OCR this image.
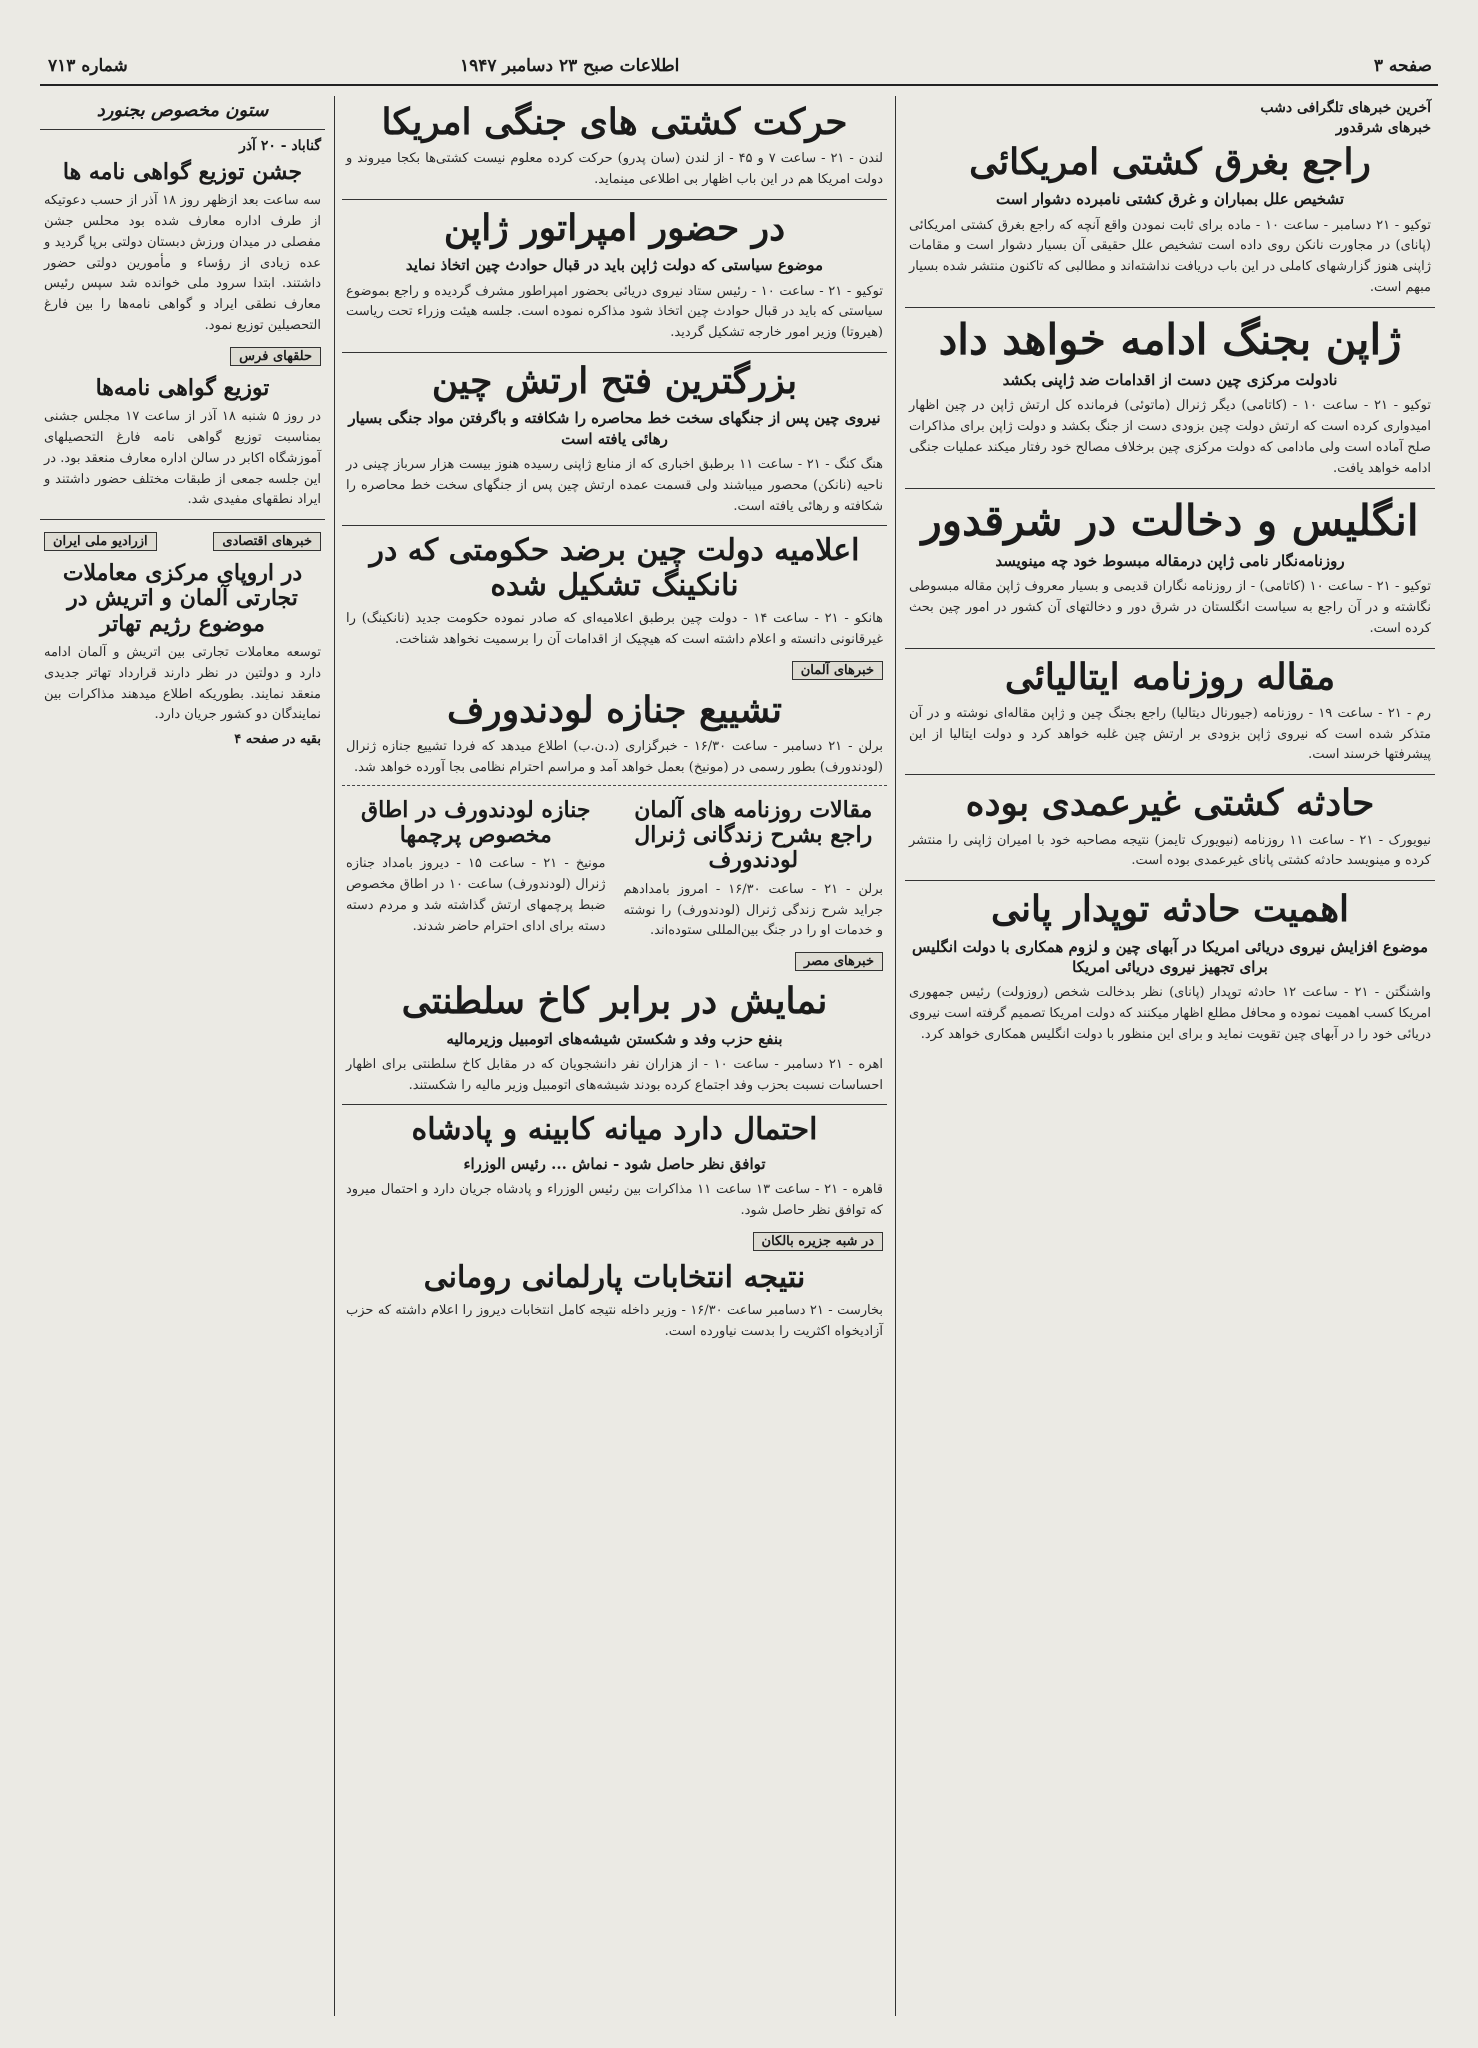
صفحه ۳
اطلاعات صبح ۲۳ دسامبر ۱۹۴۷
شماره ۷۱۳
آخرین خبرهای تلگرافی دشب
خبرهای شرقدور
راجع بغرق کشتی امریکائی
تشخیص علل بمباران و غرق کشتی نامبرده دشوار است
توکیو - ۲۱ دسامبر - ساعت ۱۰ - ماده برای ثابت نمودن واقع آنچه که راجع بغرق کشتی امریکائی (پانای) در مجاورت نانکن روی داده است تشخیص علل حقیقی آن بسیار دشوار است و مقامات ژاپنی هنوز گزارشهای کاملی در این باب دریافت نداشته‌اند و مطالبی که تاکنون منتشر شده بسیار مبهم است.
ژاپن بجنگ ادامه خواهد داد
نادولت مرکزی چین دست از اقدامات ضد ژاپنی بکشد
توکیو - ۲۱ - ساعت ۱۰ - (کاتامی) دیگر ژنرال (ماتوئی) فرمانده کل ارتش ژاپن در چین اظهار امیدواری کرده است که ارتش دولت چین بزودی دست از جنگ بکشد و دولت ژاپن برای مذاکرات صلح آماده است ولی مادامی که دولت مرکزی چین برخلاف مصالح خود رفتار میکند عملیات جنگی ادامه خواهد یافت.
انگلیس و دخالت در شرقدور
روزنامه‌نگار نامی ژاپن درمقاله مبسوط خود چه مینویسد
توکیو - ۲۱ - ساعت ۱۰ (کاتامی) - از روزنامه نگاران قدیمی و بسیار معروف ژاپن مقاله مبسوطی نگاشته و در آن راجع به سیاست انگلستان در شرق دور و دخالتهای آن کشور در امور چین بحث کرده است.
مقاله روزنامه ایتالیائی
رم - ۲۱ - ساعت ۱۹ - روزنامه (جیورنال دیتالیا) راجع بجنگ چین و ژاپن مقاله‌ای نوشته و در آن متذکر شده است که نیروی ژاپن بزودی بر ارتش چین غلبه خواهد کرد و دولت ایتالیا از این پیشرفتها خرسند است.
حادثه کشتی غیرعمدی بوده
نیویورک - ۲۱ - ساعت ۱۱ روزنامه (نیویورک تایمز) نتیجه مصاحبه خود با امیران ژاپنی را منتشر کرده و مینویسد حادثه کشتی پانای غیرعمدی بوده است.
اهمیت حادثه توپدار پانی
موضوع افزایش نیروی دریائی امریکا در آبهای چین و لزوم همکاری با دولت انگلیس برای تجهیز نیروی دریائی امریکا
واشنگتن - ۲۱ - ساعت ۱۲ حادثه توپدار (پانای) نظر بدخالت شخص (روزولت) رئیس جمهوری امریکا کسب اهمیت نموده و محافل مطلع اظهار میکنند که دولت امریکا تصمیم گرفته است نیروی دریائی خود را در آبهای چین تقویت نماید و برای این منظور با دولت انگلیس همکاری خواهد کرد.
حرکت کشتی های جنگی امریکا
لندن - ۲۱ - ساعت ۷ و ۴۵ - از لندن (سان پدرو) حرکت کرده معلوم نیست کشتی‌ها بکجا میروند و دولت امریکا هم در این باب اظهار بی اطلاعی مینماید.
در حضور امپراتور ژاپن
موضوع سیاستی که دولت ژاپن باید در قبال حوادث چین اتخاذ نماید
توکیو - ۲۱ - ساعت ۱۰ - رئیس ستاد نیروی دریائی بحضور امپراطور مشرف گردیده و راجع بموضوع سیاستی که باید در قبال حوادث چین اتخاذ شود مذاکره نموده است. جلسه هیئت وزراء تحت ریاست (هیروتا) وزیر امور خارجه تشکیل گردید.
بزرگترین فتح ارتش چین
نیروی چین پس از جنگهای سخت خط محاصره را شکافته و باگرفتن مواد جنگی بسیار رهائی یافته است
هنگ کنگ - ۲۱ - ساعت ۱۱ برطبق اخباری که از منابع ژاپنی رسیده هنوز بیست هزار سرباز چینی در ناحیه (نانکن) محصور میباشند ولی قسمت عمده ارتش چین پس از جنگهای سخت خط محاصره را شکافته و رهائی یافته است.
اعلامیه دولت چین برضد حکومتی که در نانکینگ تشکیل شده
هانکو - ۲۱ - ساعت ۱۴ - دولت چین برطبق اعلامیه‌ای که صادر نموده حکومت جدید (نانکینگ) را غیرقانونی دانسته و اعلام داشته است که هیچیک از اقدامات آن را برسمیت نخواهد شناخت.
خبرهای آلمان
تشییع جنازه لودندورف
برلن - ۲۱ دسامبر - ساعت ۱۶/۳۰ - خبرگزاری (د.ن.ب) اطلاع میدهد که فردا تشییع جنازه ژنرال (لودندورف) بطور رسمی در (مونیخ) بعمل خواهد آمد و مراسم احترام نظامی بجا آورده خواهد شد.
مقالات روزنامه های آلمان راجع بشرح زندگانی ژنرال لودندورف
برلن - ۲۱ - ساعت ۱۶/۳۰ - امروز بامدادهم جراید شرح زندگی ژنرال (لودندورف) را نوشته و خدمات او را در جنگ بین‌المللی ستوده‌اند.
جنازه لودندورف در اطاق مخصوص پرچمها
مونیخ - ۲۱ - ساعت ۱۵ - دیروز بامداد جنازه ژنرال (لودندورف) ساعت ۱۰ در اطاق مخصوص ضبط پرچمهای ارتش گذاشته شد و مردم دسته دسته برای ادای احترام حاضر شدند.
خبرهای مصر
نمایش در برابر کاخ سلطنتی
بنفع حزب وفد و شکستن شیشه‌های اتومبیل وزیرمالیه
اهره - ۲۱ دسامبر - ساعت ۱۰ - از هزاران نفر دانشجویان که در مقابل کاخ سلطنتی برای اظهار احساسات نسبت بحزب وفد اجتماع کرده بودند شیشه‌های اتومبیل وزیر مالیه را شکستند.
احتمال دارد میانه کابینه و پادشاه
توافق نظر حاصل شود - نماش ... رئیس الوزراء
قاهره - ۲۱ - ساعت ۱۳ ساعت ۱۱ مذاکرات بین رئیس الوزراء و پادشاه جریان دارد و احتمال میرود که توافق نظر حاصل شود.
در شبه جزیره بالکان
نتیجه انتخابات پارلمانی رومانی
بخارست - ۲۱ دسامبر ساعت ۱۶/۳۰ - وزیر داخله نتیجه کامل انتخابات دیروز را اعلام داشته که حزب آزادیخواه اکثریت را بدست نیاورده است.
ستون مخصوص بجنورد
گناباد - ۲۰ آذر
جشن توزیع گواهی نامه ها
سه ساعت بعد ازظهر روز ۱۸ آذر از حسب دعوتیکه از طرف اداره معارف شده بود محلس جشن مفصلی در میدان ورزش دبستان دولتی برپا گردید و عده زیادی از رؤساء و مأمورین دولتی حضور داشتند. ابتدا سرود ملی خوانده شد سپس رئیس معارف نطقی ایراد و گواهی نامه‌ها را بین فارغ التحصیلین توزیع نمود.
حلقهای فرس
توزیع گواهی نامه‌ها
در روز ۵ شنبه ۱۸ آذر از ساعت ۱۷ مجلس جشنی بمناسبت توزیع گواهی نامه فارغ التحصیلهای آموزشگاه اکابر در سالن اداره معارف منعقد بود. در این جلسه جمعی از طبقات مختلف حضور داشتند و ایراد نطقهای مفیدی شد.
خبرهای اقتصادی
ازرادیو ملی ایران
در اروپای مرکزی معاملات تجارتی آلمان و اتریش در موضوع رژیم تهاتر
توسعه معاملات تجارتی بین اتریش و آلمان ادامه دارد و دولتین در نظر دارند قرارداد تهاتر جدیدی منعقد نمایند. بطوریکه اطلاع میدهند مذاکرات بین نمایندگان دو کشور جریان دارد.
بقیه در صفحه ۴
